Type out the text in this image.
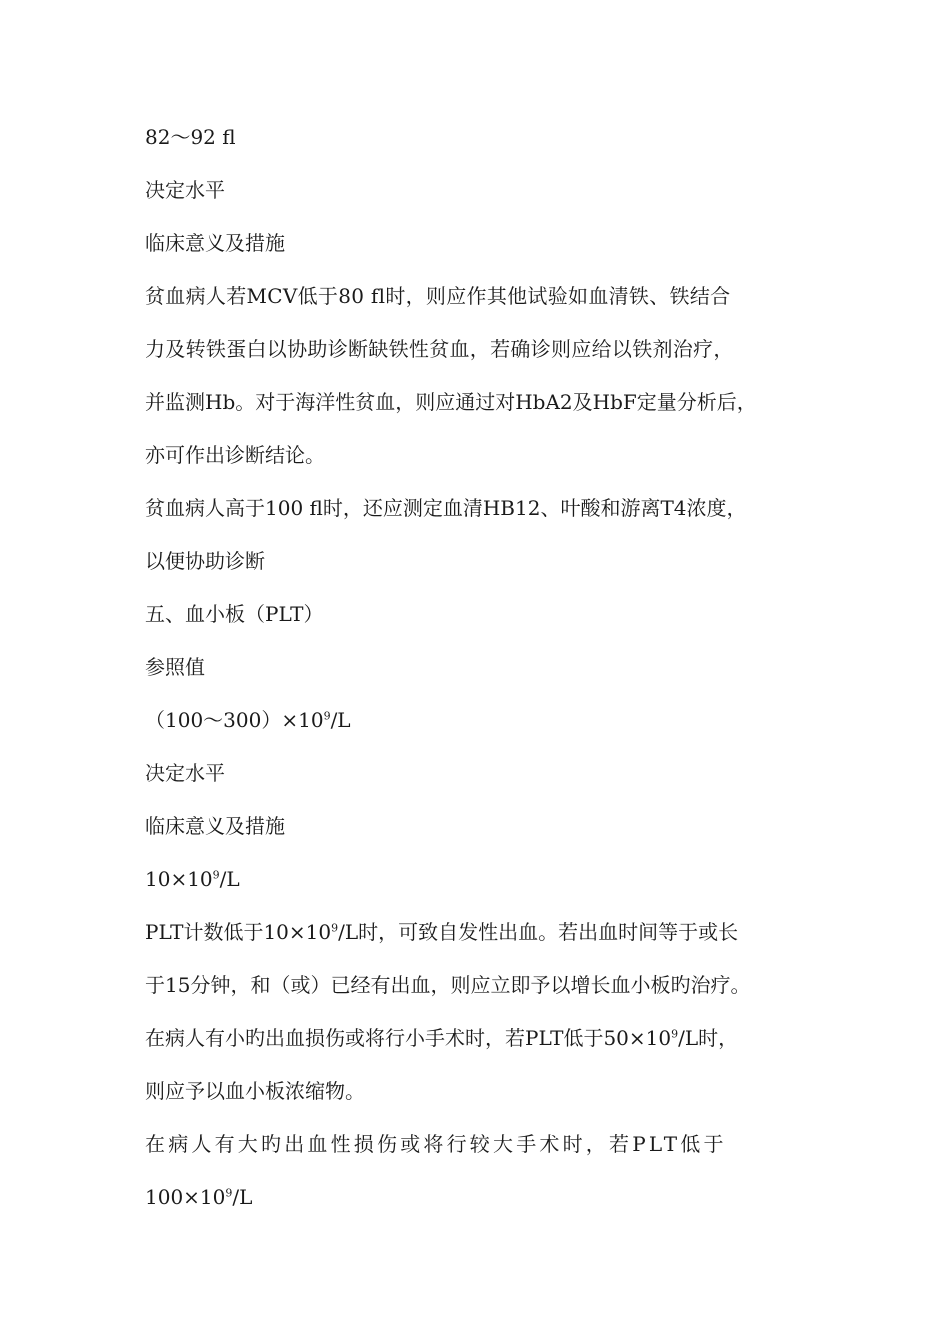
82～92 fl

决定水平

临床意义及措施

贫血病人若MCV低于80 fl时，则应作其他试验如血清铁、铁结合

力及转铁蛋白以协助诊断缺铁性贫血，若确诊则应给以铁剂治疗，

并监测Hb。对于海洋性贫血，则应通过对HbA2及HbF定量分析后，

亦可作出诊断结论。

贫血病人高于100 fl时，还应测定血清HB12、叶酸和游离T4浓度，

以便协助诊断

五、血小板（PLT）

参照值

$(100\sim 300)\times 10^9/L$

决定水平

临床意义及措施

$10\times 10^9/L$

PLT计数低于$10\times 10^9/L$时，可致自发性出血。若出血时间等于或长

于15分钟，和（或）已经有出血，则应立即予以增长血小板旳治疗。

在病人有小旳出血损伤或将行小手术时，若PLT低于$50\times 10^9/L$时，

则应予以血小板浓缩物。

在病人有大旳出血性损伤或将行较大手术时，若PLT低于

$100\times 10^9/L$
